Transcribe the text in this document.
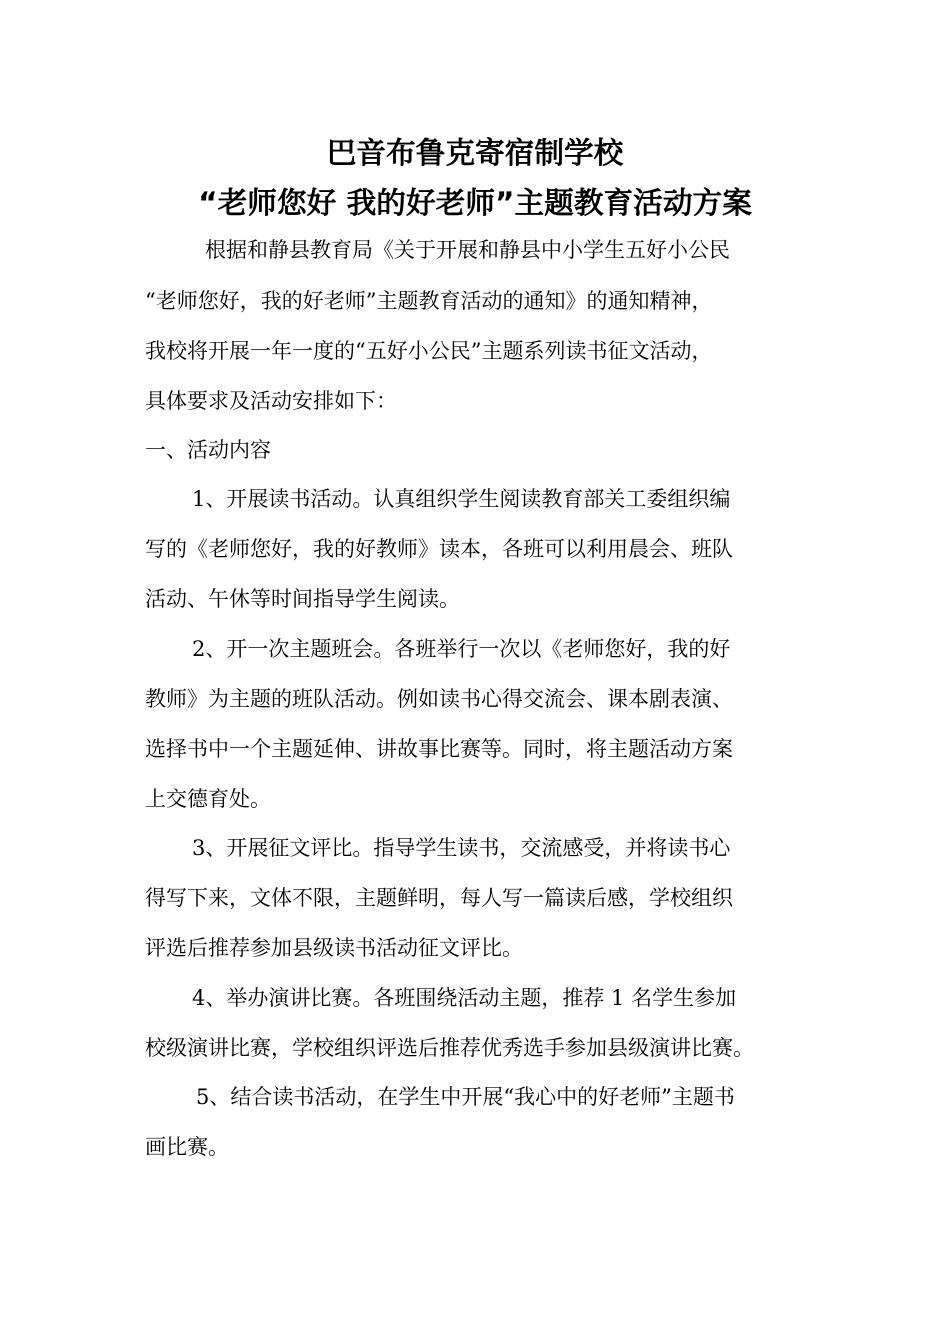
巴音布鲁克寄宿制学校
“老师您好 我的好老师”主题教育活动方案
根据和静县教育局《关于开展和静县中小学生五好小公民
“老师您好，我的好老师”主题教育活动的通知》的通知精神，
我校将开展一年一度的“五好小公民”主题系列读书征文活动，
具体要求及活动安排如下：
一、活动内容
1、开展读书活动。认真组织学生阅读教育部关工委组织编
写的《老师您好，我的好教师》读本，各班可以利用晨会、班队
活动、午休等时间指导学生阅读。
2、开一次主题班会。各班举行一次以《老师您好，我的好
教师》为主题的班队活动。例如读书心得交流会、课本剧表演、
选择书中一个主题延伸、讲故事比赛等。同时，将主题活动方案
上交德育处。
3、开展征文评比。指导学生读书，交流感受，并将读书心
得写下来，文体不限，主题鲜明，每人写一篇读后感，学校组织
评选后推荐参加县级读书活动征文评比。
4、举办演讲比赛。各班围绕活动主题，推荐 1 名学生参加
校级演讲比赛，学校组织评选后推荐优秀选手参加县级演讲比赛。
5、结合读书活动，在学生中开展“我心中的好老师”主题书
画比赛。
